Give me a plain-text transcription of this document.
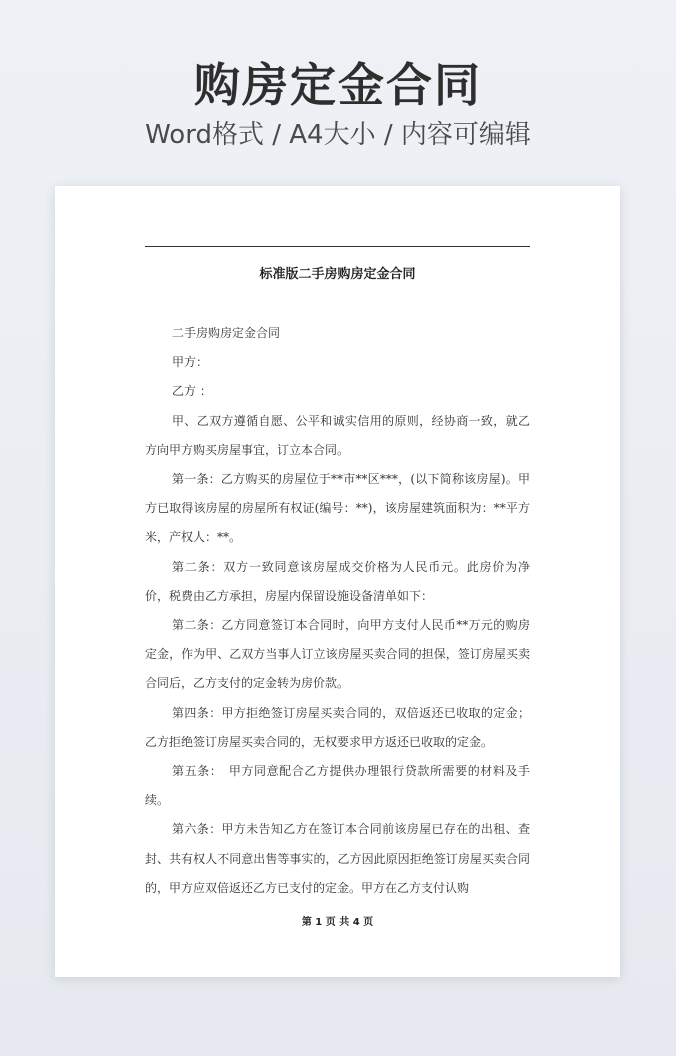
购房定金合同
Word格式 / A4大小 / 内容可编辑
标准版二手房购房定金合同

二手房购房定金合同

甲方：

乙方 ：

甲、乙双方遵循自愿、公平和诚实信用的原则，经协商一致，就乙方向甲方购买房屋事宜，订立本合同。

第一条：乙方购买的房屋位于**市**区***，(以下简称该房屋)。甲方已取得该房屋的房屋所有权证(编号：**)，该房屋建筑面积为：**平方米，产权人：**。

第二条：双方一致同意该房屋成交价格为人民币元。此房价为净价，税费由乙方承担，房屋内保留设施设备清单如下：

第二条：乙方同意签订本合同时，向甲方支付人民币**万元的购房定金，作为甲、乙双方当事人订立该房屋买卖合同的担保，签订房屋买卖合同后，乙方支付的定金转为房价款。

第四条：甲方拒绝签订房屋买卖合同的，双倍返还已收取的定金；乙方拒绝签订房屋买卖合同的，无权要求甲方返还已收取的定金。

第五条：　甲方同意配合乙方提供办理银行贷款所需要的材料及手续。

第六条：甲方未告知乙方在签订本合同前该房屋已存在的出租、查封、共有权人不同意出售等事实的，乙方因此原因拒绝签订房屋买卖合同的，甲方应双倍返还乙方已支付的定金。甲方在乙方支付认购

第 1 页 共 4 页
